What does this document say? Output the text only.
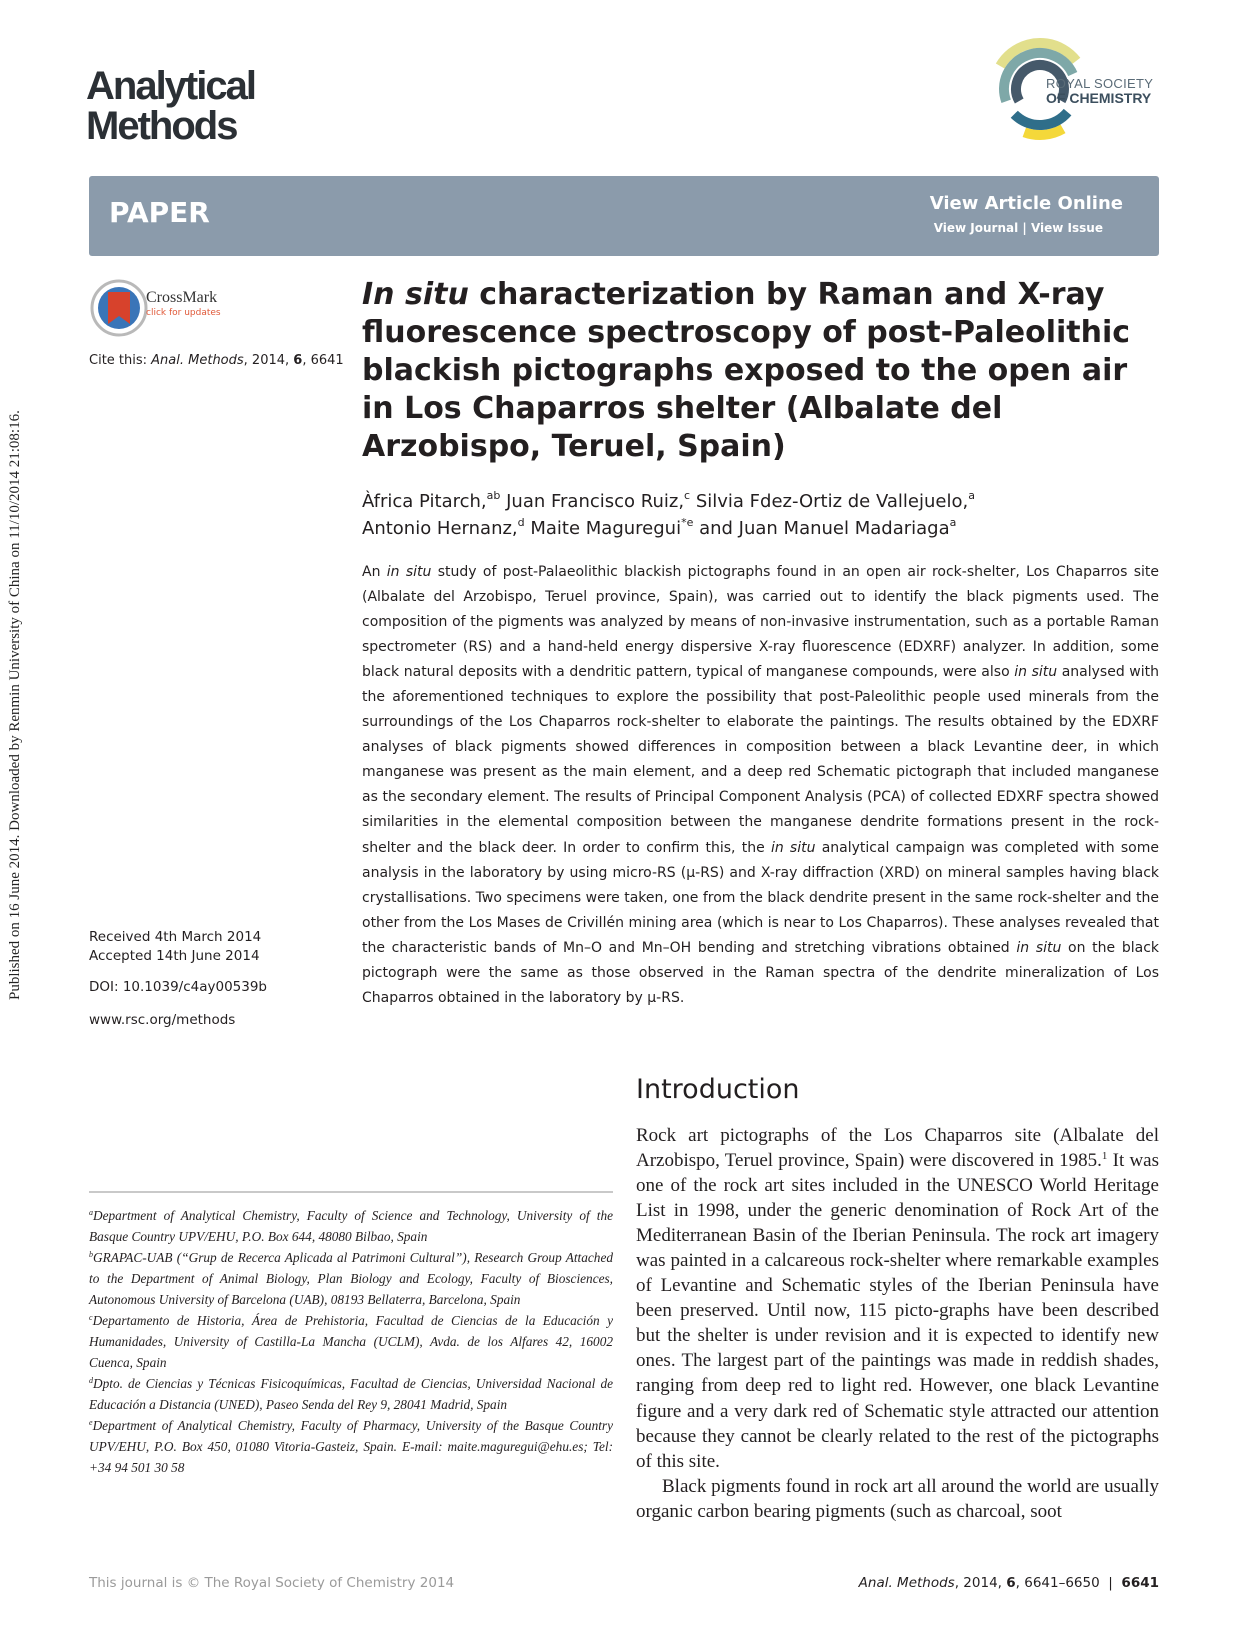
Published on 16 June 2014. Downloaded by Renmin University of China on 11/10/2014 21:08:16.
Analytical
Methods
ROYAL SOCIETY
OF CHEMISTRY
PAPER	View Article Online
View Journal | View Issue
CrossMark
click for updates
Cite this: Anal. Methods, 2014, 6, 6641
In situ characterization by Raman and X-ray fluorescence spectroscopy of post-Paleolithic blackish pictographs exposed to the open air in Los Chaparros shelter (Albalate del Arzobispo, Teruel, Spain)
Àfrica Pitarch,$^{ab}$ Juan Francisco Ruiz,$^c$ Silvia Fdez-Ortiz de Vallejuelo,$^a$
Antonio Hernanz,$^d$ Maite Maguregui$^{*e}$ and Juan Manuel Madariaga$^a$
An in situ study of post-Palaeolithic blackish pictographs found in an open air rock-shelter, Los Chaparros site (Albalate del Arzobispo, Teruel province, Spain), was carried out to identify the black pigments used. The composition of the pigments was analyzed by means of non-invasive instrumentation, such as a portable Raman spectrometer (RS) and a hand-held energy dispersive X-ray fluorescence (EDXRF) analyzer. In addition, some black natural deposits with a dendritic pattern, typical of manganese compounds, were also in situ analysed with the aforementioned techniques to explore the possibility that post-Paleolithic people used minerals from the surroundings of the Los Chaparros rock-shelter to elaborate the paintings. The results obtained by the EDXRF analyses of black pigments showed differences in composition between a black Levantine deer, in which manganese was present as the main element, and a deep red Schematic pictograph that included manganese as the secondary element. The results of Principal Component Analysis (PCA) of collected EDXRF spectra showed similarities in the elemental composition between the manganese dendrite formations present in the rock-shelter and the black deer. In order to confirm this, the in situ analytical campaign was completed with some analysis in the laboratory by using micro-RS (μ-RS) and X-ray diffraction (XRD) on mineral samples having black crystallisations. Two specimens were taken, one from the black dendrite present in the same rock-shelter and the other from the Los Mases de Crivillén mining area (which is near to Los Chaparros). These analyses revealed that the characteristic bands of Mn–O and Mn–OH bending and stretching vibrations obtained in situ on the black pictograph were the same as those observed in the Raman spectra of the dendrite mineralization of Los Chaparros obtained in the laboratory by μ-RS.
Received 4th March 2014
Accepted 14th June 2014
DOI: 10.1039/c4ay00539b
www.rsc.org/methods
Introduction

Rock art pictographs of the Los Chaparros site (Albalate del Arzobispo, Teruel province, Spain) were discovered in 1985.$^1$ It was one of the rock art sites included in the UNESCO World Heritage List in 1998, under the generic denomination of Rock Art of the Mediterranean Basin of the Iberian Peninsula. The rock art imagery was painted in a calcareous rock-shelter where remarkable examples of Levantine and Schematic styles of the Iberian Peninsula have been preserved. Until now, 115 picto-graphs have been described but the shelter is under revision and it is expected to identify new ones. The largest part of the paintings was made in reddish shades, ranging from deep red to light red. However, one black Levantine figure and a very dark red of Schematic style attracted our attention because they cannot be clearly related to the rest of the pictographs of this site.

Black pigments found in rock art all around the world are usually organic carbon bearing pigments (such as charcoal, soot

$^a$Department of Analytical Chemistry, Faculty of Science and Technology, University of the Basque Country UPV/EHU, P.O. Box 644, 48080 Bilbao, Spain

$^b$GRAPAC-UAB (“Grup de Recerca Aplicada al Patrimoni Cultural”), Research Group Attached to the Department of Animal Biology, Plan Biology and Ecology, Faculty of Biosciences, Autonomous University of Barcelona (UAB), 08193 Bellaterra, Barcelona, Spain

$^c$Departamento de Historia, Área de Prehistoria, Facultad de Ciencias de la Educación y Humanidades, University of Castilla-La Mancha (UCLM), Avda. de los Alfares 42, 16002 Cuenca, Spain

$^d$Dpto. de Ciencias y Técnicas Fisicoquímicas, Facultad de Ciencias, Universidad Nacional de Educación a Distancia (UNED), Paseo Senda del Rey 9, 28041 Madrid, Spain

$^e$Department of Analytical Chemistry, Faculty of Pharmacy, University of the Basque Country UPV/EHU, P.O. Box 450, 01080 Vitoria-Gasteiz, Spain. E-mail: maite.maguregui@ehu.es; Tel: +34 94 501 30 58

This journal is © The Royal Society of Chemistry 2014	Anal. Methods, 2014, 6, 6641–6650  |  6641
